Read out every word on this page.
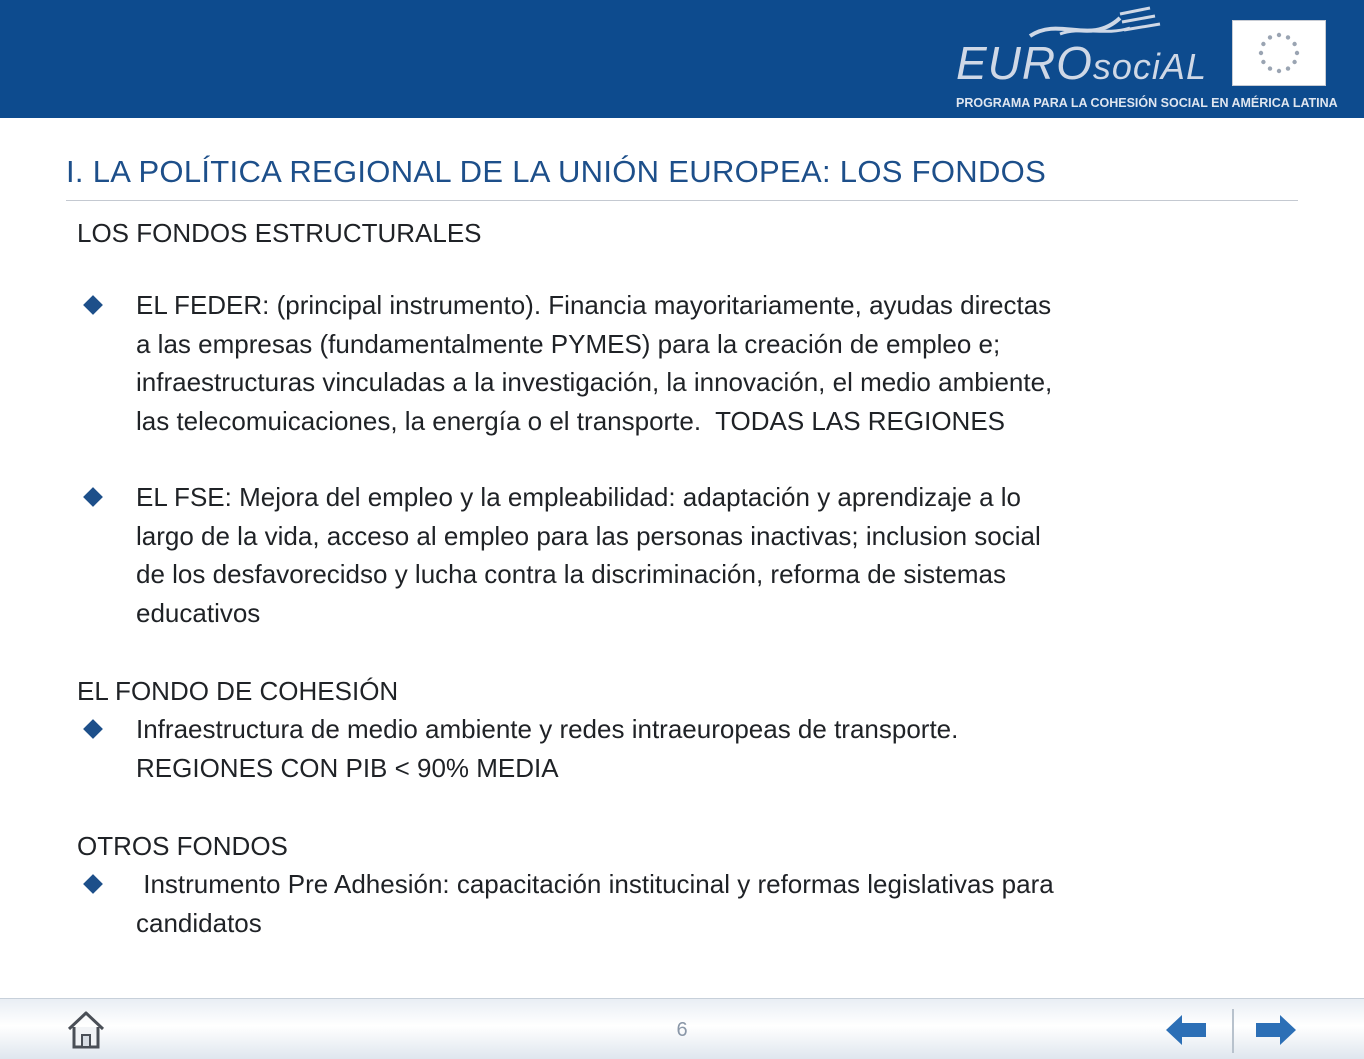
EUROsociAL
PROGRAMA PARA LA COHESIÓN SOCIAL EN AMÉRICA LATINA
I. LA POLÍTICA REGIONAL DE LA UNIÓN EUROPEA: LOS FONDOS
LOS FONDOS ESTRUCTURALES
EL FEDER: (principal instrumento). Financia mayoritariamente, ayudas directas
a las empresas (fundamentalmente PYMES) para la creación de empleo e;
infraestructuras vinculadas a la investigación, la innovación, el medio ambiente,
las telecomuicaciones, la energía o el transporte.  TODAS LAS REGIONES
EL FSE: Mejora del empleo y la empleabilidad: adaptación y aprendizaje a lo
largo de la vida, acceso al empleo para las personas inactivas; inclusion social
de los desfavorecidso y lucha contra la discriminación, reforma de sistemas
educativos
EL FONDO DE COHESIÓN
Infraestructura de medio ambiente y redes intraeuropeas de transporte.
REGIONES CON PIB < 90% MEDIA
OTROS FONDOS
Instrumento Pre Adhesión: capacitación institucinal y reformas legislativas para
candidatos
6
